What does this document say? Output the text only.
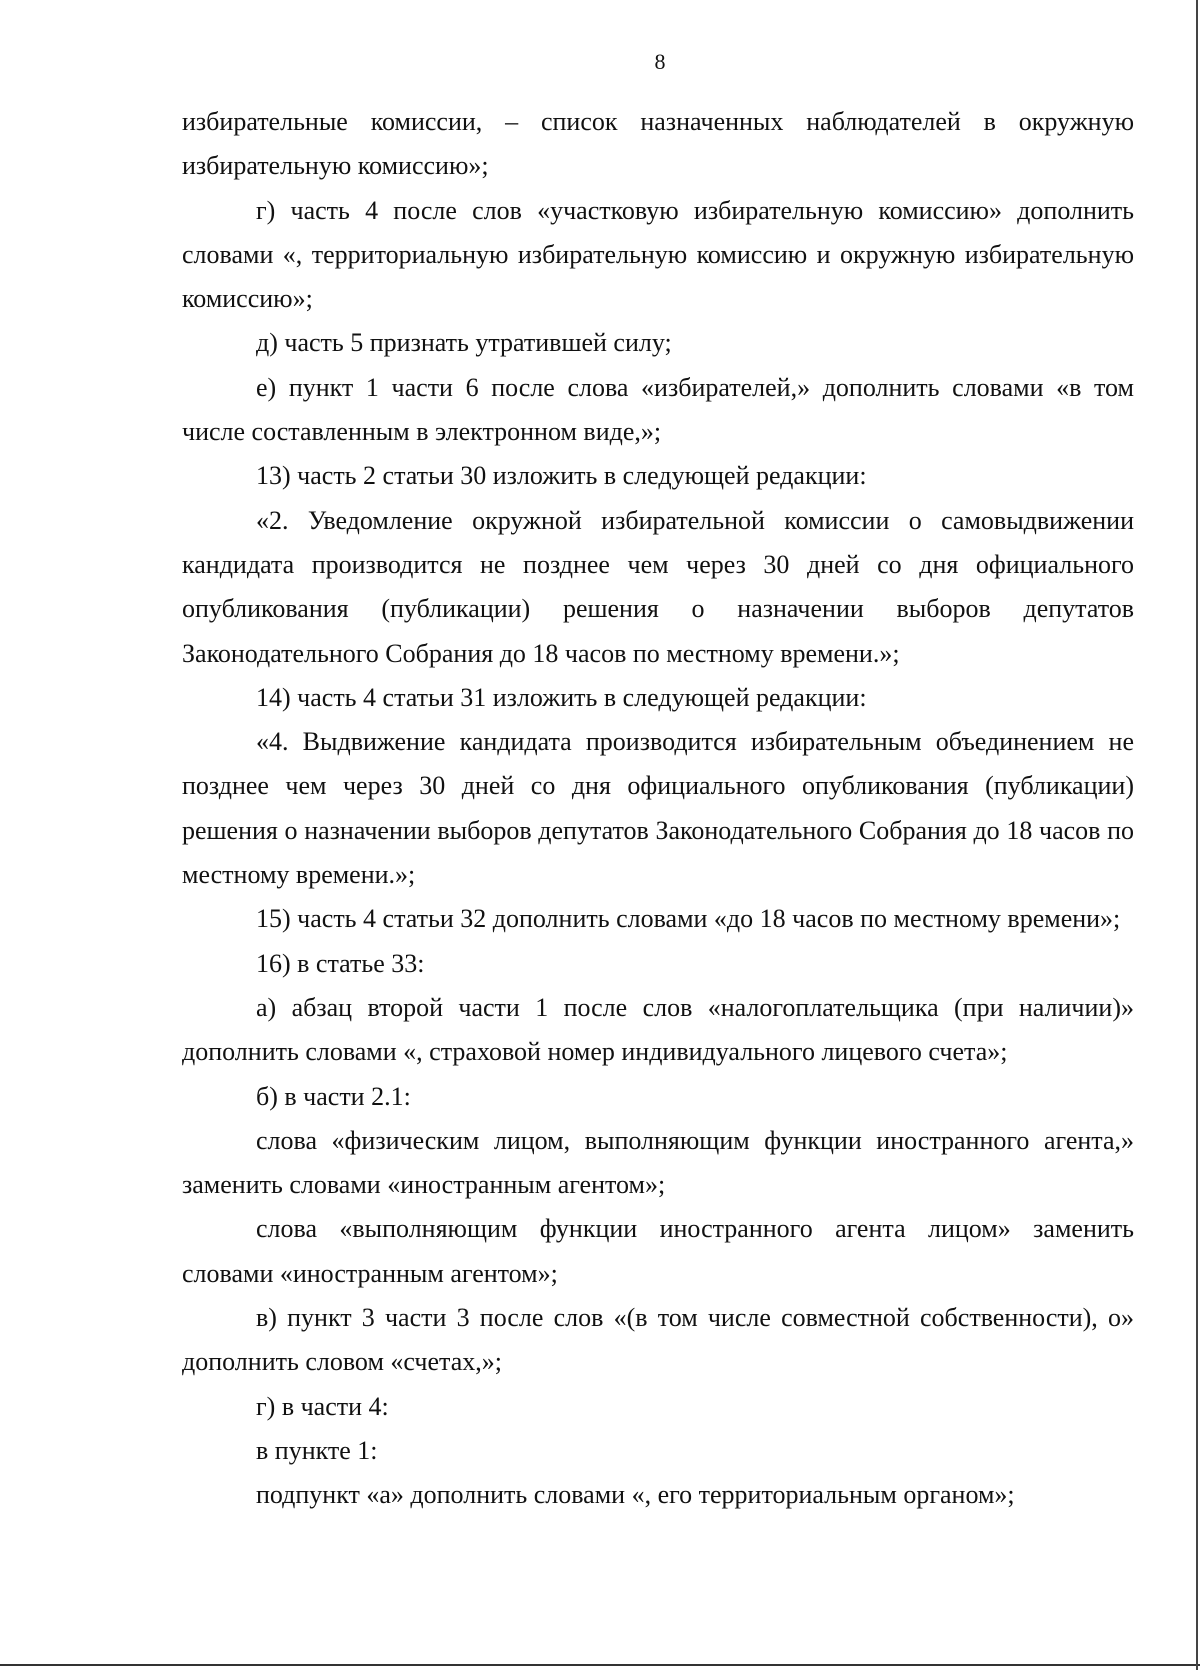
8

избирательные комиссии, – список назначенных наблюдателей в окружную избирательную комиссию»;

г) часть 4 после слов «участковую избирательную комиссию» дополнить словами «, территориальную избирательную комиссию и окружную избирательную комиссию»;

д) часть 5 признать утратившей силу;

е) пункт 1 части 6 после слова «избирателей,» дополнить словами «в том числе составленным в электронном виде,»;

13) часть 2 статьи 30 изложить в следующей редакции:

«2. Уведомление окружной избирательной комиссии о самовыдвижении кандидата производится не позднее чем через 30 дней со дня официального опубликования (публикации) решения о назначении выборов депутатов Законодательного Собрания до 18 часов по местному времени.»;

14) часть 4 статьи 31 изложить в следующей редакции:

«4. Выдвижение кандидата производится избирательным объединением не позднее чем через 30 дней со дня официального опубликования (публикации) решения о назначении выборов депутатов Законодательного Собрания до 18 часов по местному времени.»;

15) часть 4 статьи 32 дополнить словами «до 18 часов по местному времени»;

16) в статье 33:

а) абзац второй части 1 после слов «налогоплательщика (при наличии)» дополнить словами «, страховой номер индивидуального лицевого счета»;

б) в части 2.1:

слова «физическим лицом, выполняющим функции иностранного агента,» заменить словами «иностранным агентом»;

слова «выполняющим функции иностранного агента лицом» заменить словами «иностранным агентом»;

в) пункт 3 части 3 после слов «(в том числе совместной собственности), о» дополнить словом «счетах,»;

г) в части 4:

в пункте 1:

подпункт «а» дополнить словами «, его территориальным органом»;
